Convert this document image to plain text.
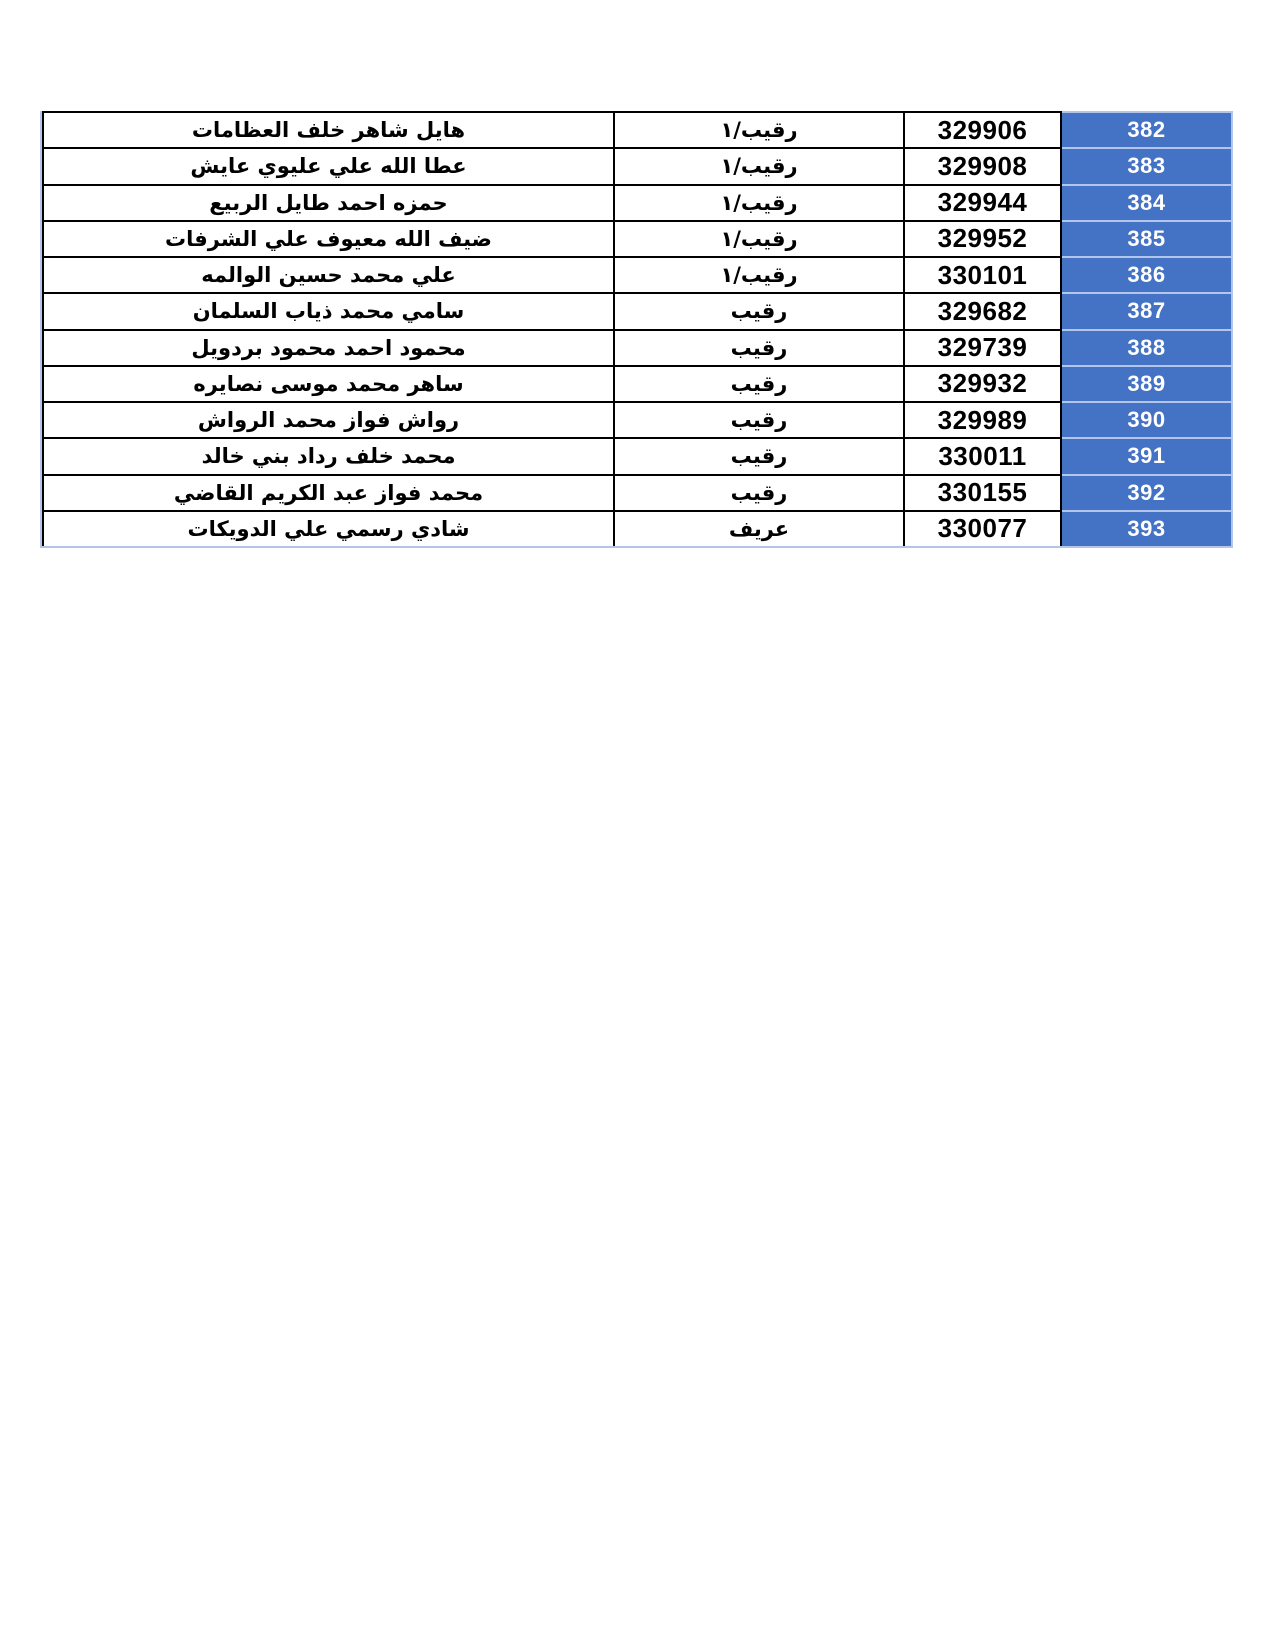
هايل شاهر خلف العظامات	رقيب/١	329906	382
عطا الله علي عليوي عايش	رقيب/١	329908	383
حمزه احمد طايل الربيع	رقيب/١	329944	384
ضيف الله معيوف علي الشرفات	رقيب/١	329952	385
علي محمد حسين الوالمه	رقيب/١	330101	386
سامي محمد ذياب السلمان	رقيب	329682	387
محمود احمد محمود بردويل	رقيب	329739	388
ساهر محمد موسى نصايره	رقيب	329932	389
رواش فواز محمد الرواش	رقيب	329989	390
محمد خلف رداد بني خالد	رقيب	330011	391
محمد فواز عبد الكريم القاضي	رقيب	330155	392
شادي رسمي علي الدويكات	عريف	330077	393
